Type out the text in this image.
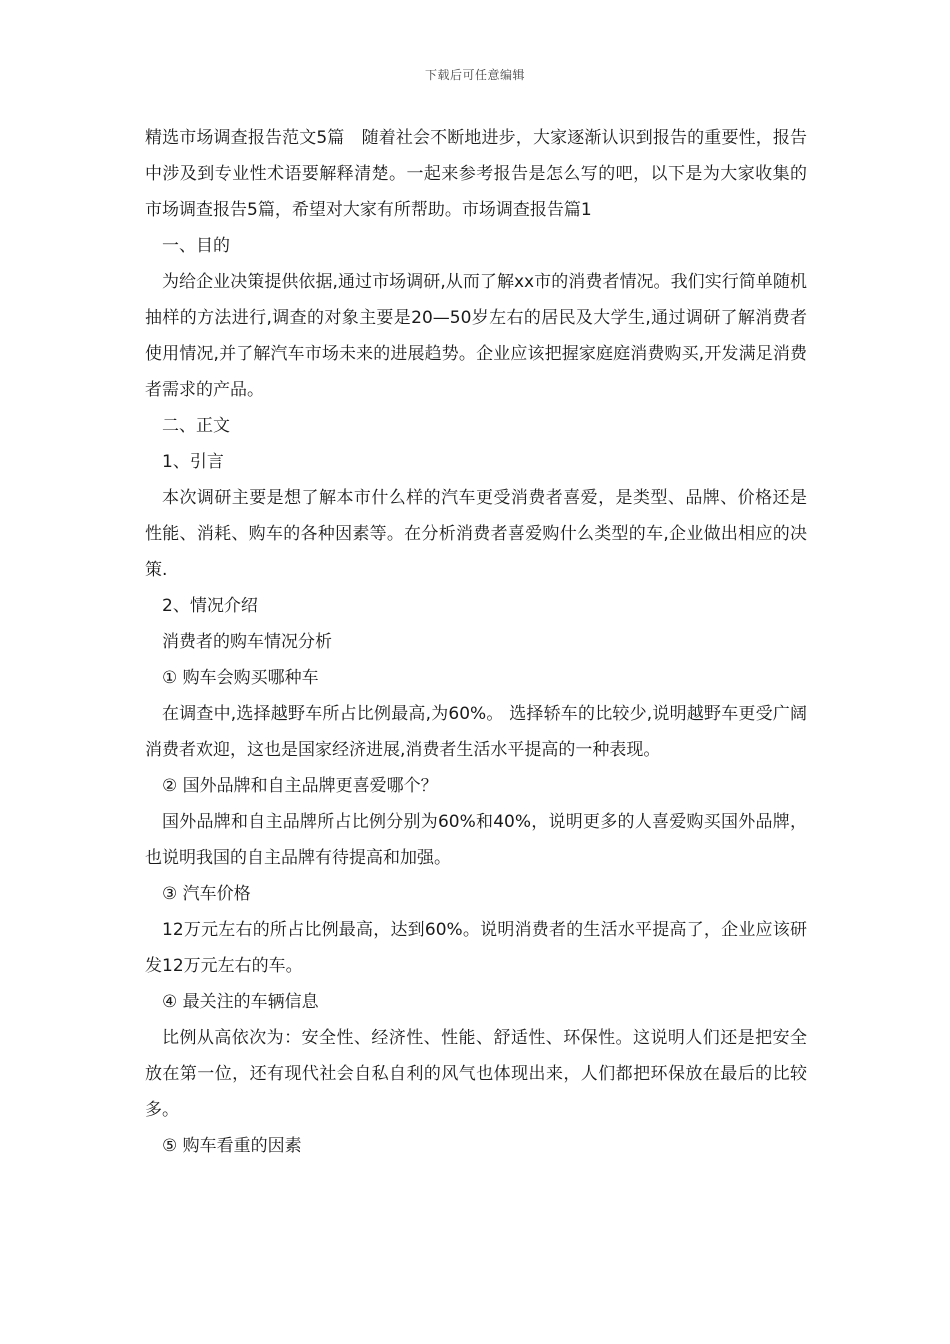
下载后可任意编辑

精选市场调查报告范文5篇　随着社会不断地进步，大家逐渐认识到报告的重要性，报告中涉及到专业性术语要解释清楚。一起来参考报告是怎么写的吧，以下是为大家收集的市场调查报告5篇，希望对大家有所帮助。市场调查报告篇1

一、目的

为给企业决策提供依据,通过市场调研,从而了解xx市的消费者情况。我们实行简单随机抽样的方法进行,调查的对象主要是20—50岁左右的居民及大学生,通过调研了解消费者使用情况,并了解汽车市场未来的进展趋势。企业应该把握家庭庭消费购买,开发满足消费者需求的产品。

二、正文

1、引言

本次调研主要是想了解本市什么样的汽车更受消费者喜爱，是类型、品牌、价格还是性能、消耗、购车的各种因素等。在分析消费者喜爱购什么类型的车,企业做出相应的决策.

2、情况介绍

消费者的购车情况分析

① 购车会购买哪种车

在调查中,选择越野车所占比例最高,为60%。 选择轿车的比较少,说明越野车更受广阔消费者欢迎，这也是国家经济进展,消费者生活水平提高的一种表现。

② 国外品牌和自主品牌更喜爱哪个？

国外品牌和自主品牌所占比例分别为60%和40%，说明更多的人喜爱购买国外品牌，也说明我国的自主品牌有待提高和加强。

③ 汽车价格

12万元左右的所占比例最高，达到60%。说明消费者的生活水平提高了，企业应该研发12万元左右的车。

④ 最关注的车辆信息

比例从高依次为：安全性、经济性、性能、舒适性、环保性。这说明人们还是把安全放在第一位，还有现代社会自私自利的风气也体现出来，人们都把环保放在最后的比较多。

⑤ 购车看重的因素
